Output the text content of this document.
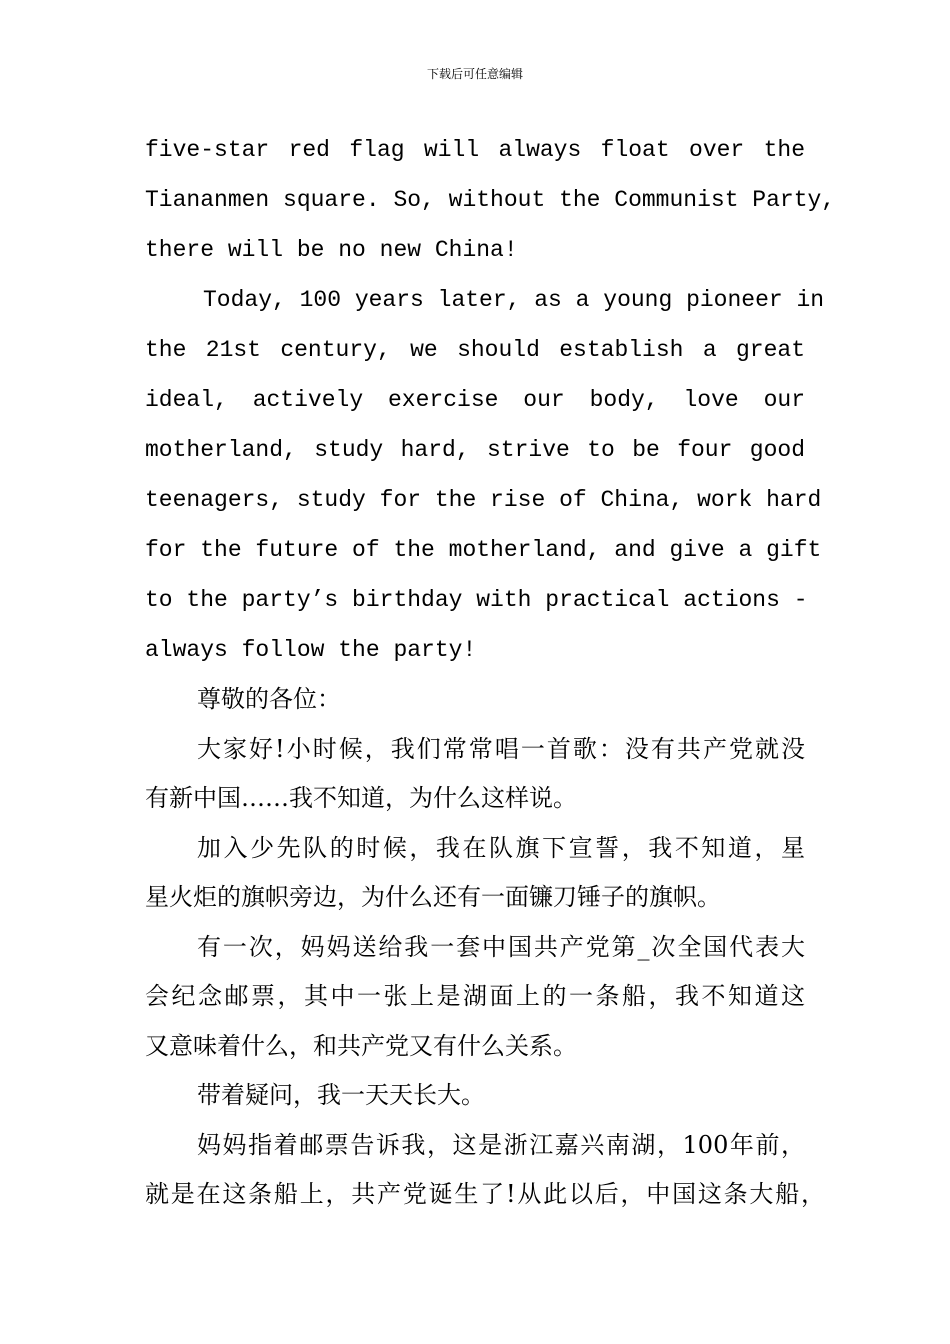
下载后可任意编辑
five-star red flag will always float over the
Tiananmen square. So, without the Communist Party,
there will be no new China!
Today, 100 years later, as a young pioneer in
the 21st century, we should establish a great
ideal, actively exercise our body, love our
motherland, study hard, strive to be four good
teenagers, study for the rise of China, work hard
for the future of the motherland, and give a gift
to the party’s birthday with practical actions -
always follow the party!
尊敬的各位：
大家好!小时候，我们常常唱一首歌：没有共产党就没
有新中国……我不知道，为什么这样说。
加入少先队的时候，我在队旗下宣誓，我不知道，星
星火炬的旗帜旁边，为什么还有一面镰刀锤子的旗帜。
有一次，妈妈送给我一套中国共产党第_次全国代表大
会纪念邮票，其中一张上是湖面上的一条船，我不知道这
又意味着什么，和共产党又有什么关系。
带着疑问，我一天天长大。
妈妈指着邮票告诉我，这是浙江嘉兴南湖，100年前，
就是在这条船上，共产党诞生了!从此以后，中国这条大船，
